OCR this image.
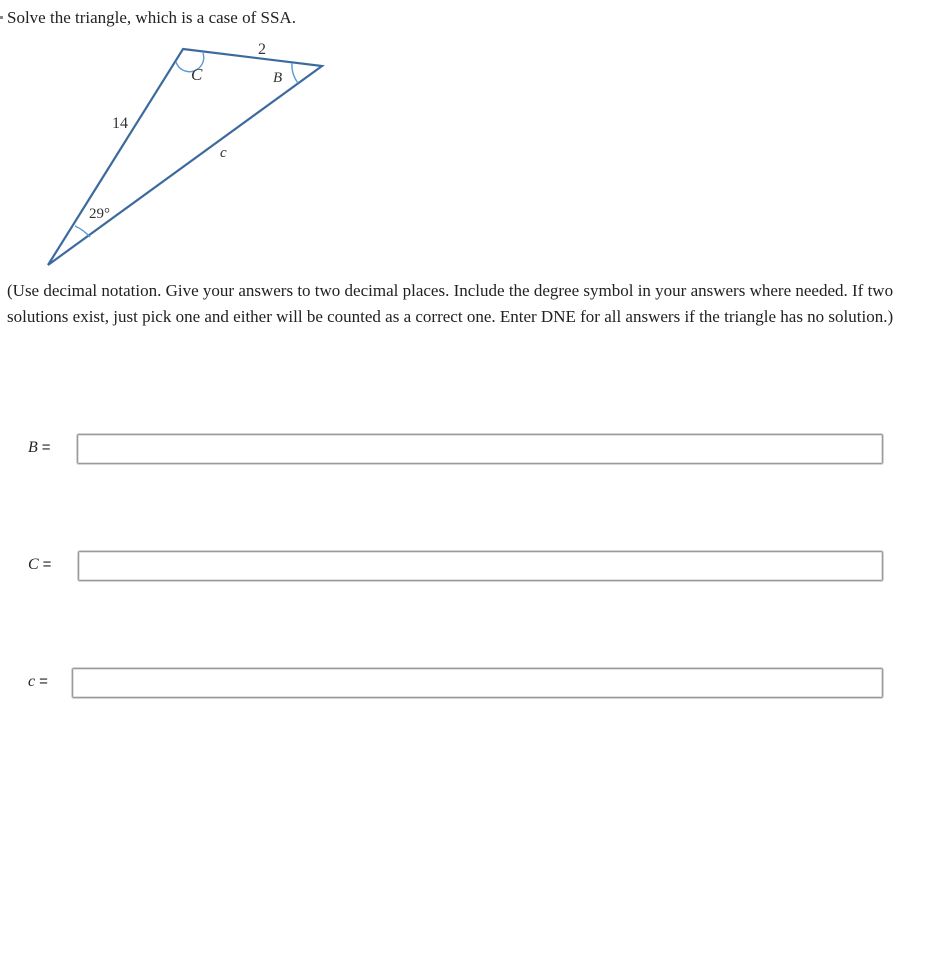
Solve the triangle, which is a case of SSA.
2
14
c
C	B
29°

(Use decimal notation. Give your answers to two decimal places. Include the degree symbol in your answers where needed. If two solutions exist, just pick one and either will be counted as a correct one. Enter DNE for all answers if the triangle has no solution.)

B =
C =
c =
